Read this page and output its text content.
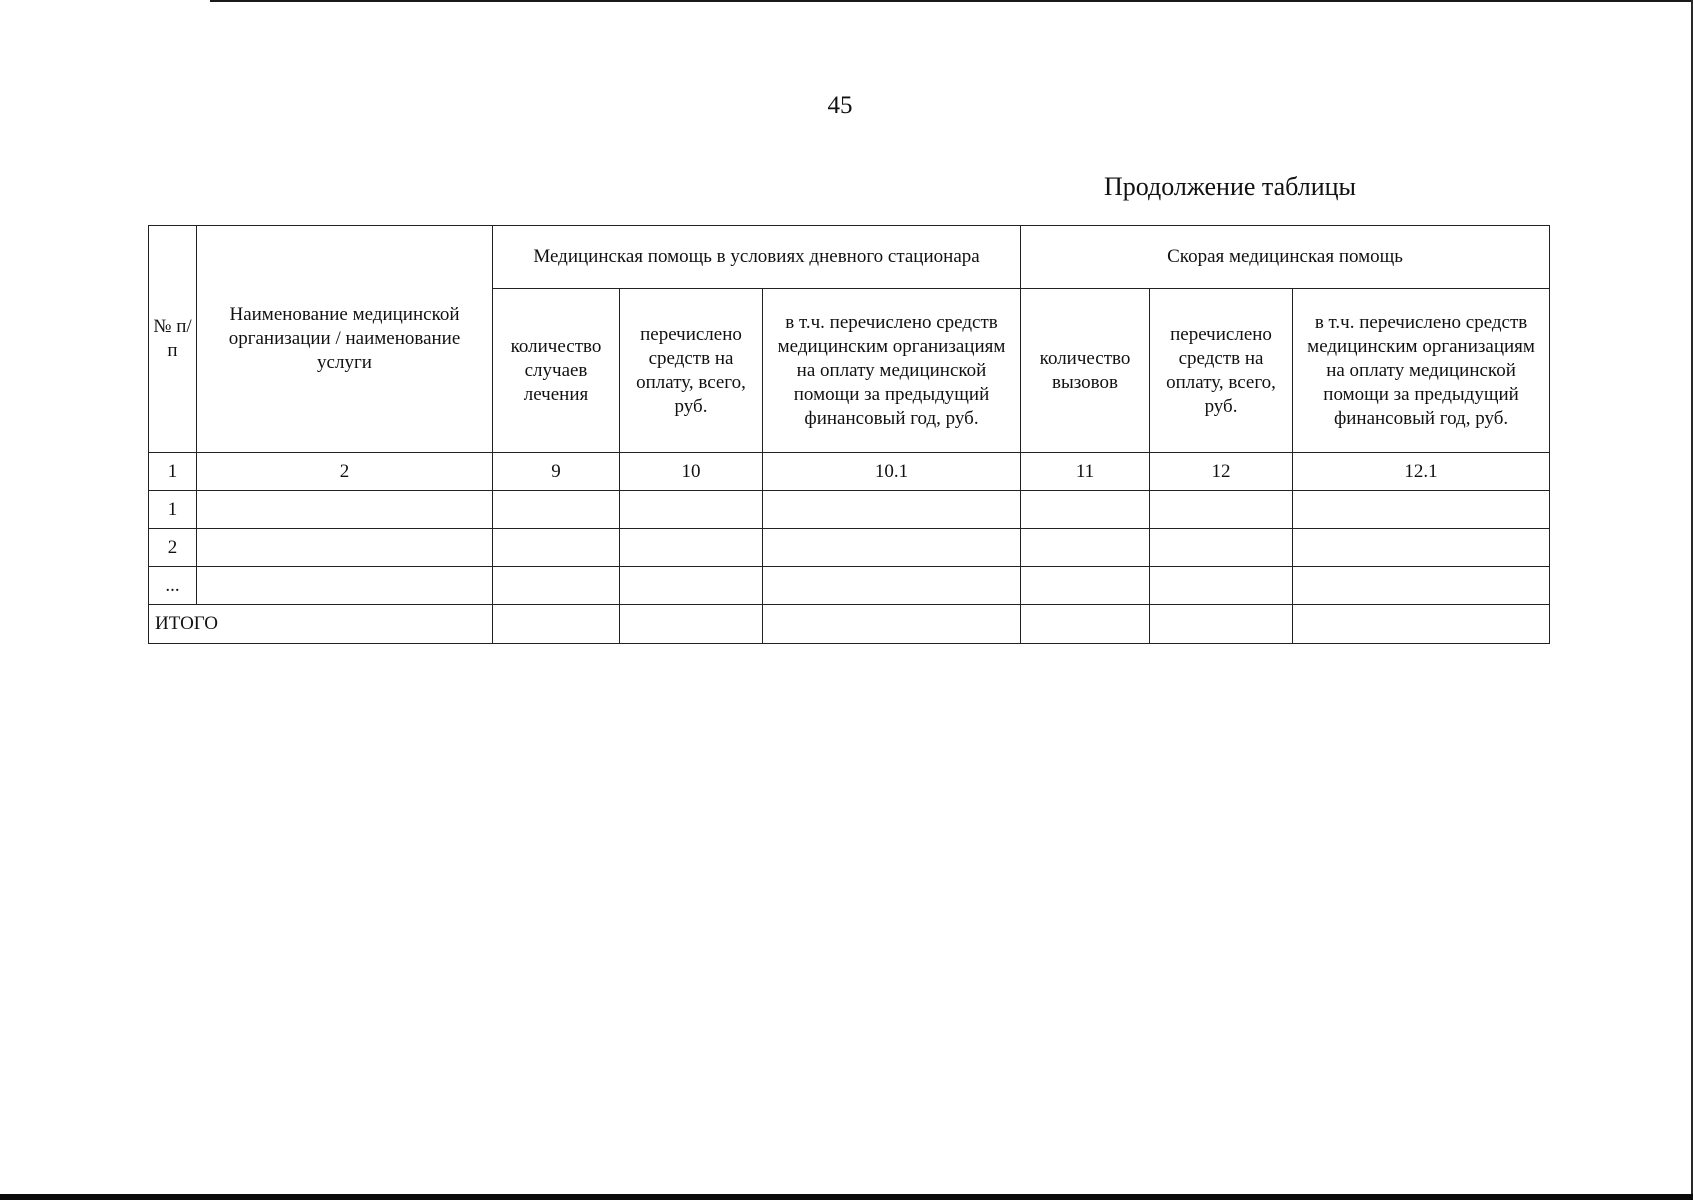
45
Продолжение таблицы
№ п/п	Наименование медицинской организации / наименование услуги	Медицинская помощь в условиях дневного стационара			Скорая медицинская помощь		
		количество случаев лечения	перечислено средств на оплату, всего, руб.	в т.ч. перечислено средств медицинским организациям на оплату медицинской помощи за предыдущий финансовый год, руб.	количество вызовов	перечислено средств на оплату, всего, руб.	в т.ч. перечислено средств медицинским организациям на оплату медицинской помощи за предыдущий финансовый год, руб.
1	2	9	10	10.1	11	12	12.1
1							
2							
...							
ИТОГО							
